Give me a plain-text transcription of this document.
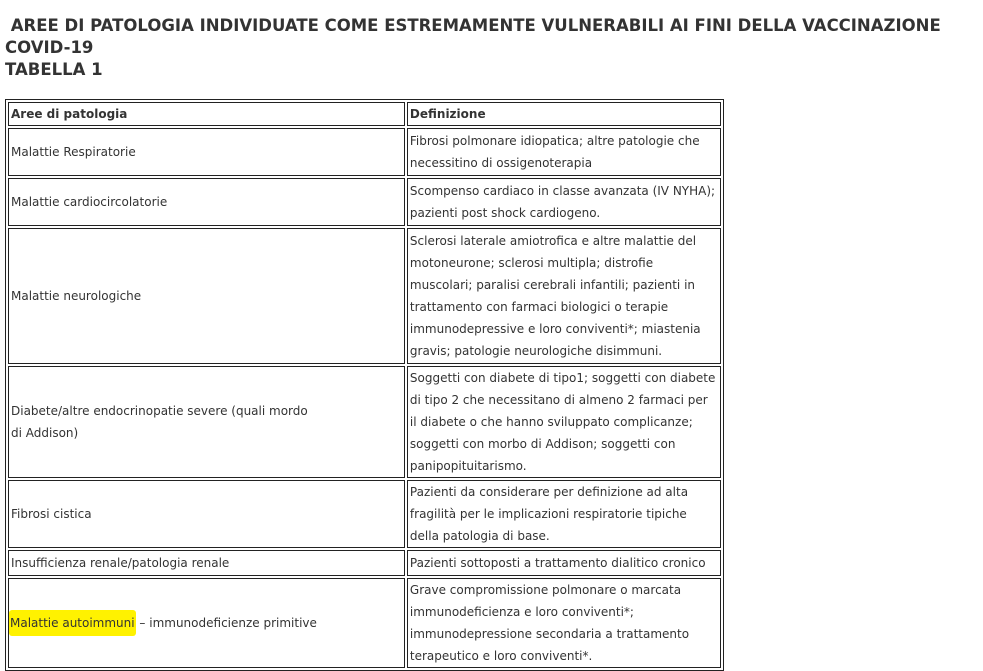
AREE DI PATOLOGIA INDIVIDUATE COME ESTREMAMENTE VULNERABILI AI FINI DELLA VACCINAZIONE
COVID-19
TABELLA 1
Aree di patologia	Definizione
Malattie Respiratorie	Fibrosi polmonare idiopatica; altre patologie che necessitino di ossigenoterapia
Malattie cardiocircolatorie	Scompenso cardiaco in classe avanzata (IV NYHA); pazienti post shock cardiogeno.
Malattie neurologiche	Sclerosi laterale amiotrofica e altre malattie del motoneurone; sclerosi multipla; distrofie muscolari; paralisi cerebrali infantili; pazienti in trattamento con farmaci biologici o terapie immunodepressive e loro conviventi*; miastenia gravis; patologie neurologiche disimmuni.
Diabete/altre endocrinopatie severe (quali mordo di Addison)	Soggetti con diabete di tipo1; soggetti con diabete di tipo 2 che necessitano di almeno 2 farmaci per il diabete o che hanno sviluppato complicanze; soggetti con morbo di Addison; soggetti con panipopituitarismo.
Fibrosi cistica	Pazienti da considerare per definizione ad alta fragilità per le implicazioni respiratorie tipiche della patologia di base.
Insufficienza renale/patologia renale	Pazienti sottoposti a trattamento dialitico cronico
Malattie autoimmuni – immunodeficienze primitive	Grave compromissione polmonare o marcata immunodeficienza e loro conviventi*; immunodepressione secondaria a trattamento terapeutico e loro conviventi*.
